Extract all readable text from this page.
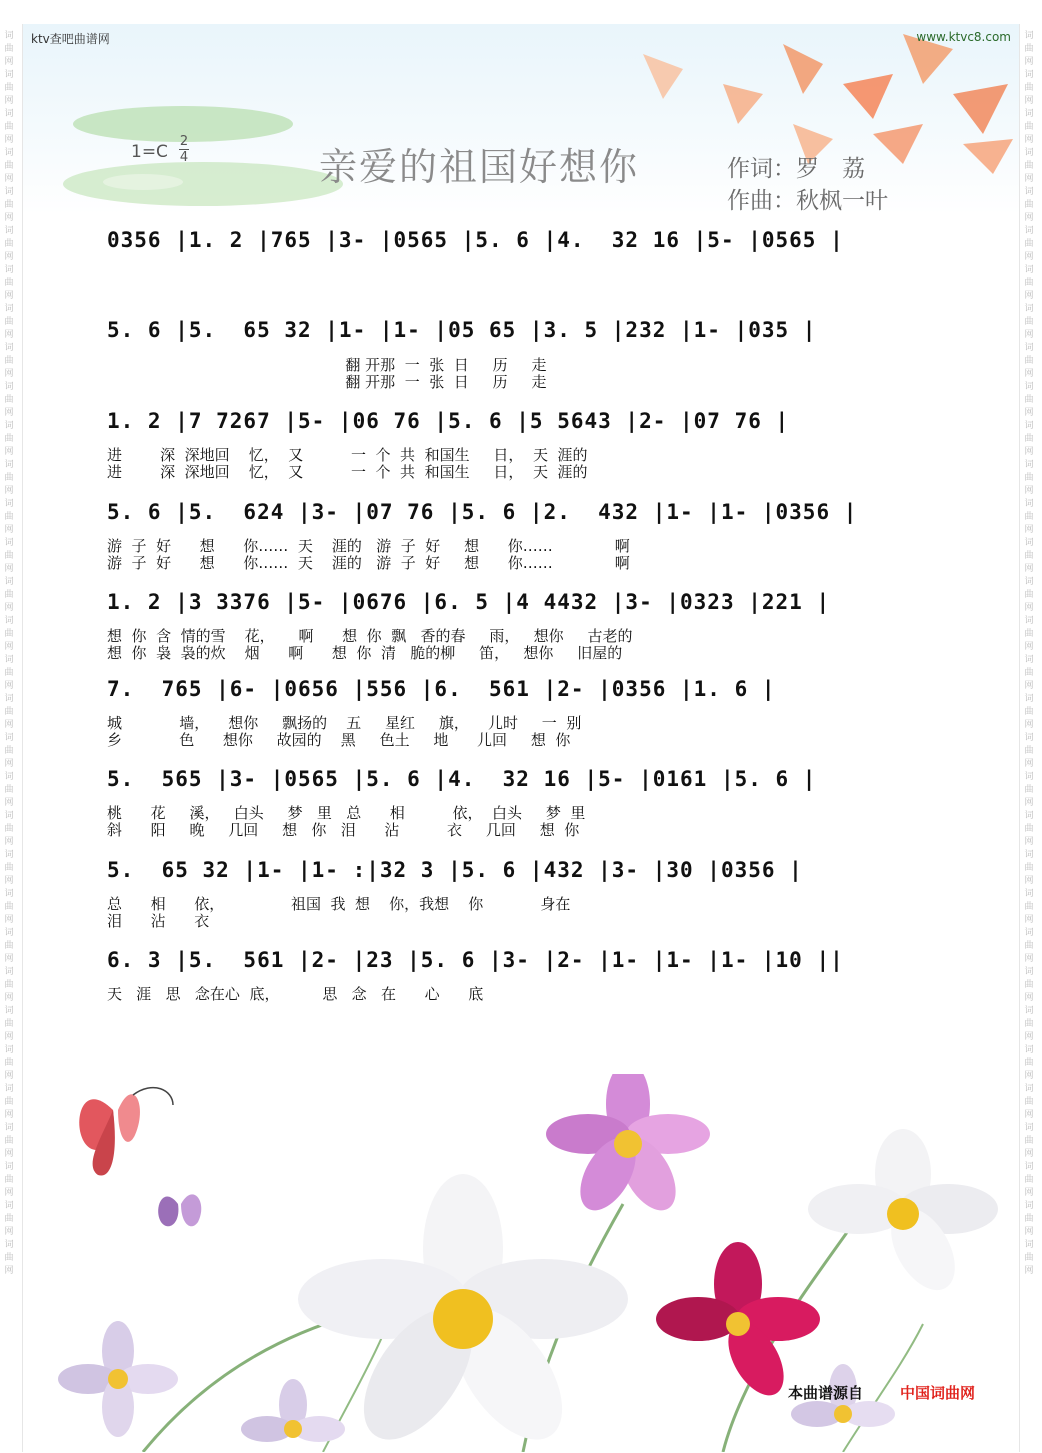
词曲网词曲网词曲网词曲网词曲网词曲网词曲网词曲网词曲网词曲网词曲网词曲网词曲网词曲网词曲网词曲网词曲网词曲网词曲网词曲网词曲网词曲网词曲网词曲网词曲网词曲网词曲网词曲网词曲网词曲网词曲网词曲网
词曲网词曲网词曲网词曲网词曲网词曲网词曲网词曲网词曲网词曲网词曲网词曲网词曲网词曲网词曲网词曲网词曲网词曲网词曲网词曲网词曲网词曲网词曲网词曲网词曲网词曲网词曲网词曲网词曲网词曲网词曲网词曲网
ktv查吧曲谱网	www.ktvc8.com
1=C
2
4	亲爱的祖国好想你	作词：罗　荔
作曲：秋枫一叶
0356 |1. 2 |765 |3- |0565 |5. 6 |4.  32 16 |5- |0565 |
5. 6 |5.  65 32 |1- |1- |05 65 |3. 5 |232 |1- |035 |
翻 开那  一  张  日     历     走
翻 开那  一  张  日     历     走
1. 2 |7 7267 |5- |06 76 |5. 6 |5 5643 |2- |07 76 |
进        深  深地回    忆，  又          一  个  共  和国生     日，  天  涯的
进        深  深地回    忆，  又          一  个  共  和国生     日，  天  涯的
5. 6 |5.  624 |3- |07 76 |5. 6 |2.  432 |1- |1- |0356 |
游  子  好      想      你……  天    涯的   游  子  好     想      你……             啊
游  子  好      想      你……  天    涯的   游  子  好     想      你……             啊
1. 2 |3 3376 |5- |0676 |6. 5 |4 4432 |3- |0323 |221 |
想  你  含  情的雪    花，     啊      想  你  飘   香的春     雨，   想你     古老的
想  你  袅  袅的炊    烟      啊      想  你  清   脆的柳     笛，   想你     旧屋的
7.  765 |6- |0656 |556 |6.  561 |2- |0356 |1. 6 |
城            墙，    想你     飘扬的    五     星红     旗，    儿时     一  别
乡            色      想你     故园的    黑     色土     地      儿回     想  你
5.  565 |3- |0565 |5. 6 |4.  32 16 |5- |0161 |5. 6 |
桃      花     溪，   白头     梦   里   总      相          依，  白头     梦  里
斜      阳     晚     几回     想   你   泪      沾          衣     几回     想  你
5.  65 32 |1- |1- :|32 3 |5. 6 |432 |3- |30 |0356 |
总      相      依，              祖国  我  想    你，我想    你            身在
泪      沾      衣
6. 3 |5.  561 |2- |23 |5. 6 |3- |2- |1- |1- |1- |10 ||
天   涯   思   念在心  底，         思   念   在      心      底
本曲谱源自 中国词曲网
